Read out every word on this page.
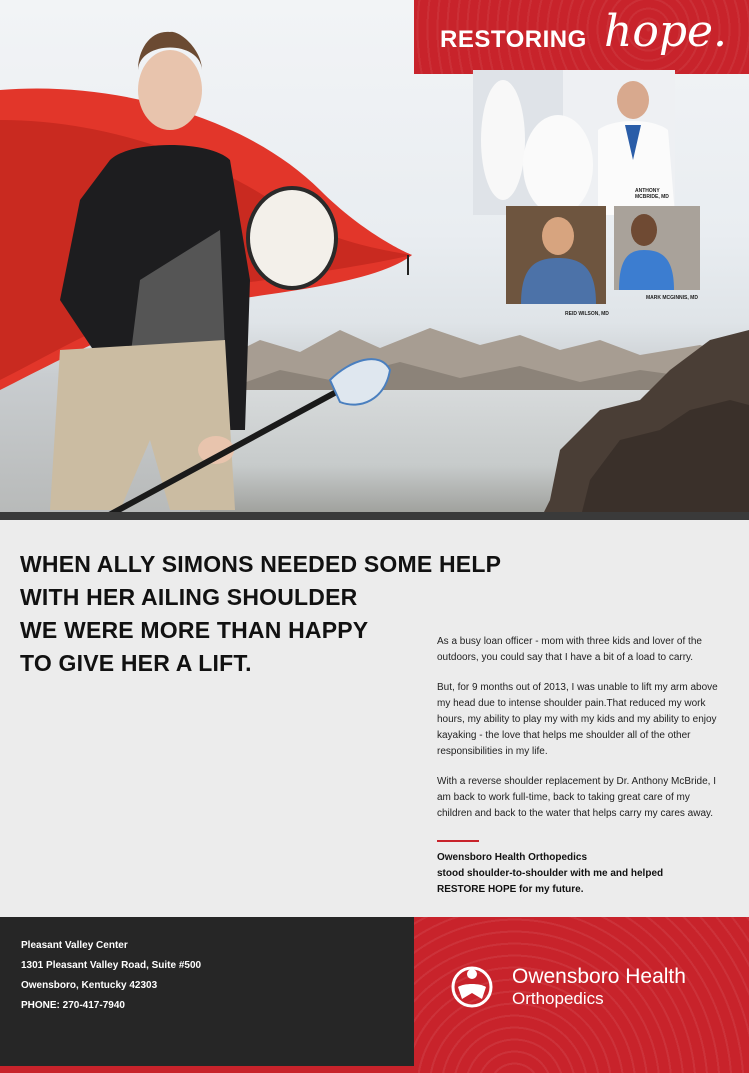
RESTORING hope.
ANTHONY MCBRIDE, MD
REID WILSON, MD
MARK MCGINNIS, MD
WHEN ALLY SIMONS NEEDED SOME HELP
WITH HER AILING SHOULDER
WE WERE MORE THAN HAPPY
TO GIVE HER A LIFT.

As a busy loan officer - mom with three kids and lover of the outdoors, you could say that I have a bit of a load to carry.

But, for 9 months out of 2013, I was unable to lift my arm above my head due to intense shoulder pain.That reduced my work hours, my ability to play my with my kids and my ability to enjoy kayaking - the love that helps me shoulder all of the other responsibilities in my life.

With a reverse shoulder replacement by Dr. Anthony McBride, I am back to work full-time, back to taking great care of my children and back to the water that helps carry my cares away.

Owensboro Health Orthopedics
stood shoulder-to-shoulder with me and helped
RESTORE HOPE for my future.
Pleasant Valley Center
1301 Pleasant Valley Road, Suite #500
Owensboro, Kentucky 42303
PHONE: 270-417-7940
Owensboro Health
Orthopedics
